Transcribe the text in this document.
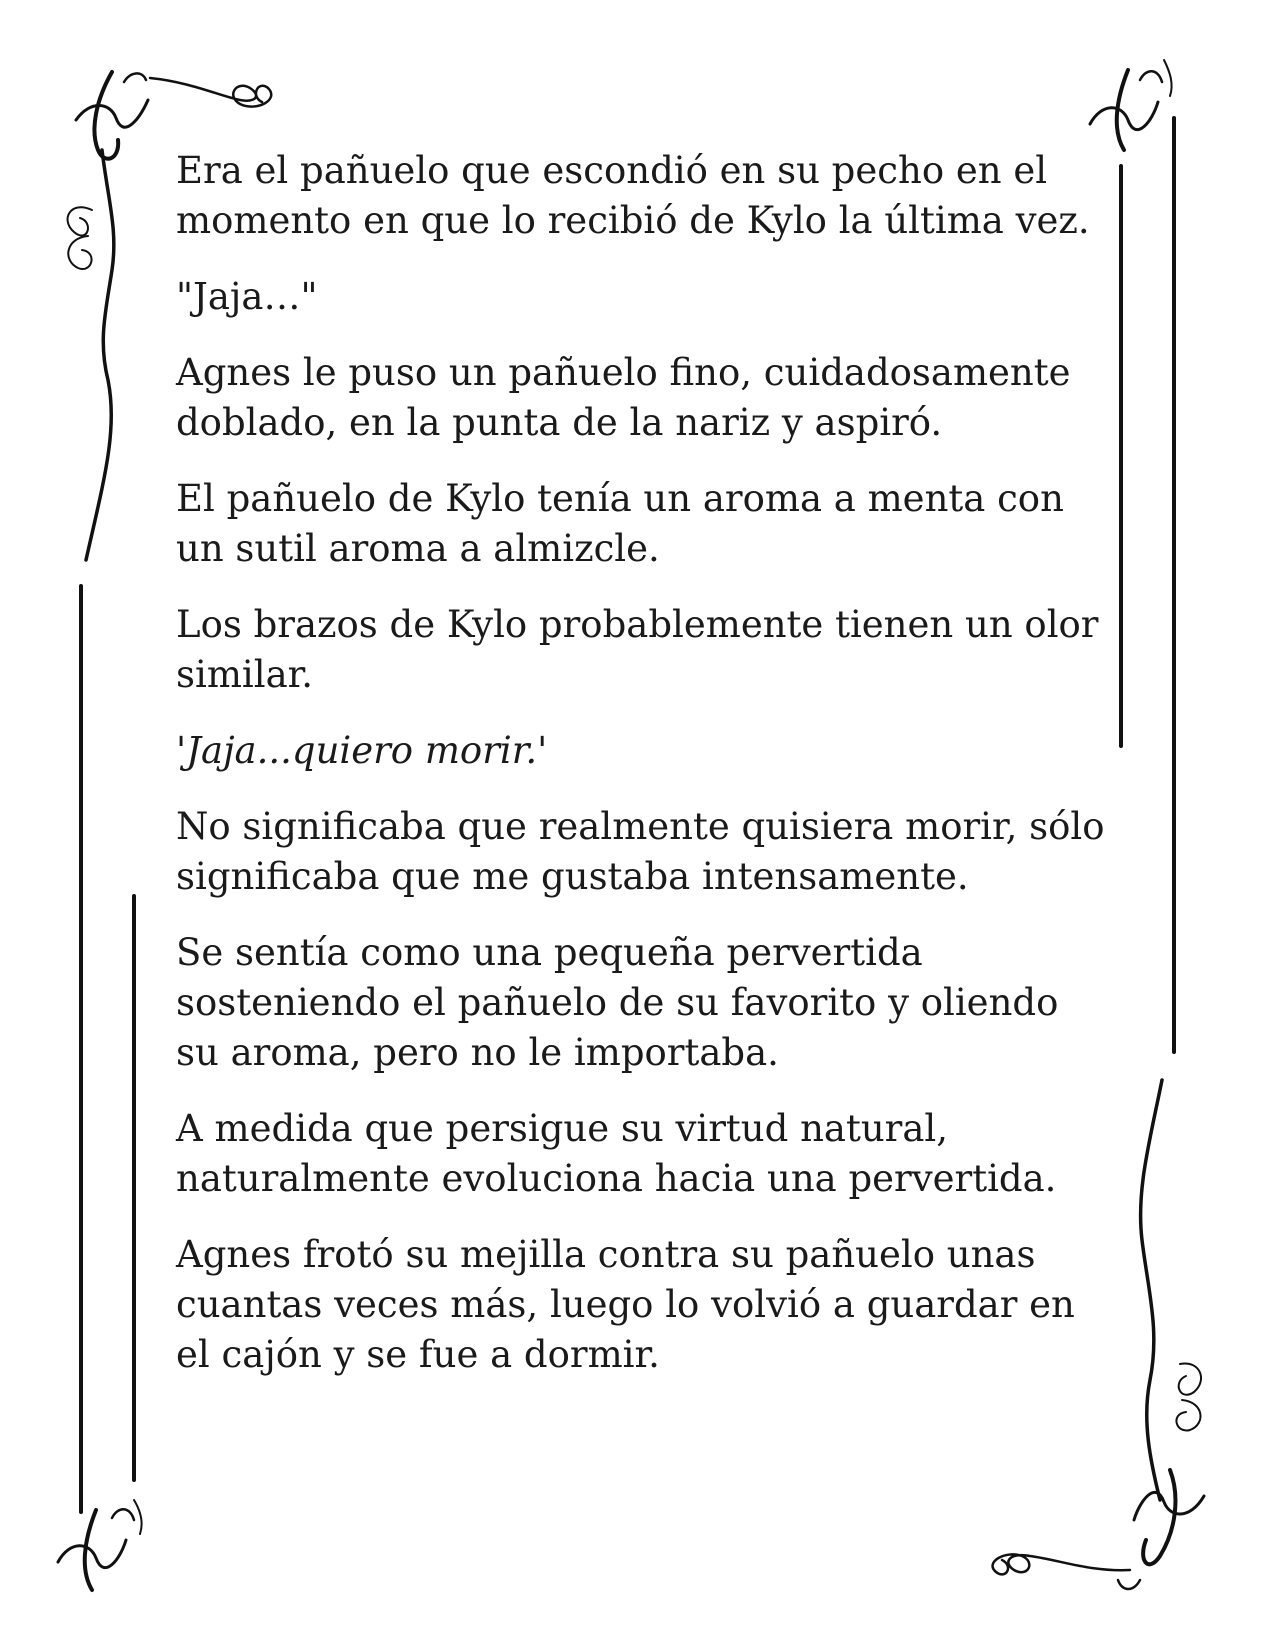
Era el pañuelo que escondió en su pecho en el momento en que lo recibió de Kylo la última vez.

"Jaja…"

Agnes le puso un pañuelo fino, cuidadosamente doblado, en la punta de la nariz y aspiró.

El pañuelo de Kylo tenía un aroma a menta con un sutil aroma a almizcle.

Los brazos de Kylo probablemente tienen un olor similar.

'Jaja...quiero morir.'

No significaba que realmente quisiera morir, sólo significaba que me gustaba intensamente.

Se sentía como una pequeña pervertida sosteniendo el pañuelo de su favorito y oliendo su aroma, pero no le importaba.

A medida que persigue su virtud natural, naturalmente evoluciona hacia una pervertida.

Agnes frotó su mejilla contra su pañuelo unas cuantas veces más, luego lo volvió a guardar en el cajón y se fue a dormir.
